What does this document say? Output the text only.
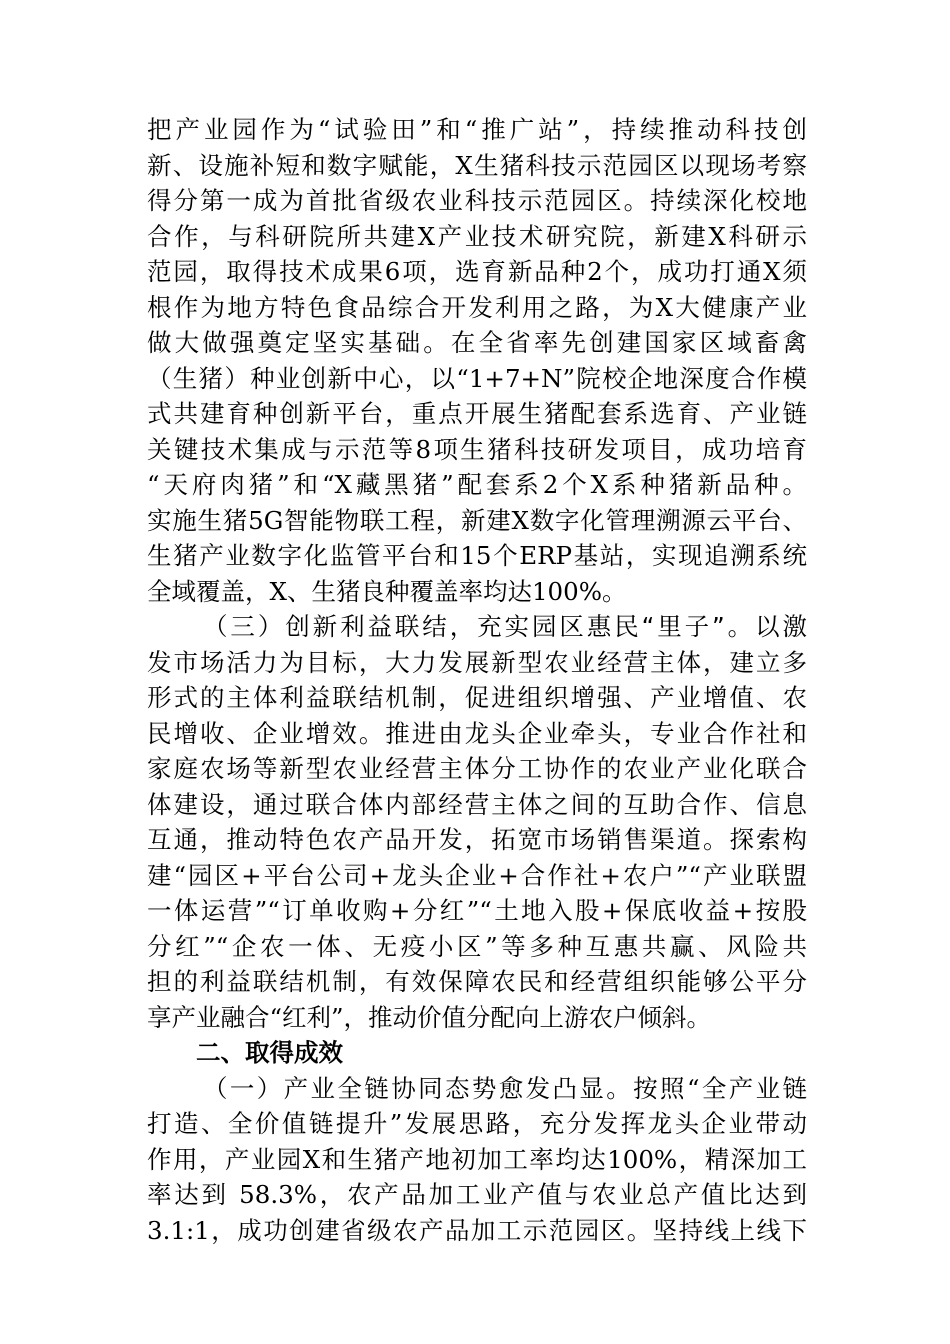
把产业园作为“试验田”和“推广站”，持续推动科技创
新、设施补短和数字赋能，X生猪科技示范园区以现场考察
得分第一成为首批省级农业科技示范园区。持续深化校地
合作，与科研院所共建X产业技术研究院，新建X科研示
范园，取得技术成果6项，选育新品种2个，成功打通X须
根作为地方特色食品综合开发利用之路，为X大健康产业
做大做强奠定坚实基础。在全省率先创建国家区域畜禽
（生猪）种业创新中心，以“1+7+N”院校企地深度合作模
式共建育种创新平台，重点开展生猪配套系选育、产业链
关键技术集成与示范等8项生猪科技研发项目，成功培育
“天府肉猪”和“X藏黑猪”配套系2个X系种猪新品种。
实施生猪5G智能物联工程，新建X数字化管理溯源云平台、
生猪产业数字化监管平台和15个ERP基站，实现追溯系统
全域覆盖，X、生猪良种覆盖率均达100%。
（三）创新利益联结，充实园区惠民“里子”。以激
发市场活力为目标，大力发展新型农业经营主体，建立多
形式的主体利益联结机制，促进组织增强、产业增值、农
民增收、企业增效。推进由龙头企业牵头，专业合作社和
家庭农场等新型农业经营主体分工协作的农业产业化联合
体建设，通过联合体内部经营主体之间的互助合作、信息
互通，推动特色农产品开发，拓宽市场销售渠道。探索构
建“园区+平台公司+龙头企业+合作社+农户”“产业联盟
一体运营”“订单收购+分红”“土地入股+保底收益+按股
分红”“企农一体、无疫小区”等多种互惠共赢、风险共
担的利益联结机制，有效保障农民和经营组织能够公平分
享产业融合“红利”，推动价值分配向上游农户倾斜。
二、取得成效
（一）产业全链协同态势愈发凸显。按照“全产业链
打造、全价值链提升”发展思路，充分发挥龙头企业带动
作用，产业园X和生猪产地初加工率均达100%，精深加工
率达到 58.3%，农产品加工业产值与农业总产值比达到
3.1:1，成功创建省级农产品加工示范园区。坚持线上线下
